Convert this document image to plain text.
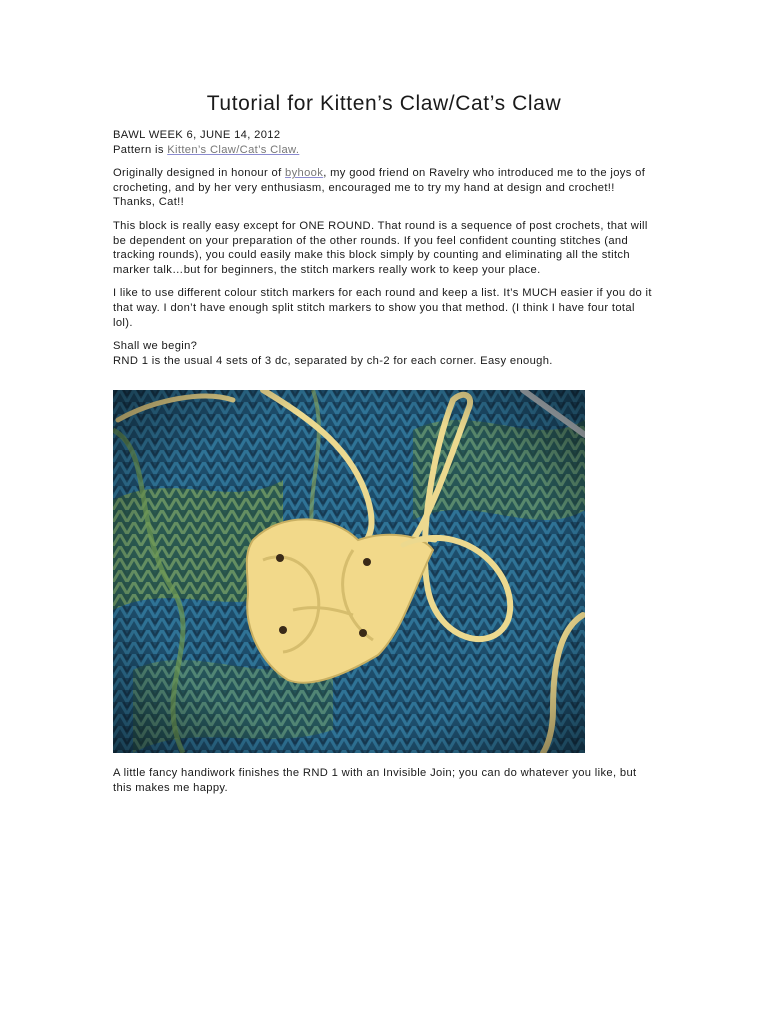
Tutorial for Kitten’s Claw/Cat’s Claw

BAWL WEEK 6, JUNE 14, 2012
Pattern is Kitten’s Claw/Cat’s Claw.

Originally designed in honour of byhook, my good friend on Ravelry who introduced me to the joys of crocheting, and by her very enthusiasm, encouraged me to try my hand at design and crochet!! Thanks, Cat!!

This block is really easy except for ONE ROUND. That round is a sequence of post crochets, that will be dependent on your preparation of the other rounds. If you feel confident counting stitches (and tracking rounds), you could easily make this block simply by counting and eliminating all the stitch marker talk…but for beginners, the stitch markers really work to keep your place.

I like to use different colour stitch markers for each round and keep a list. It’s MUCH easier if you do it that way. I don’t have enough split stitch markers to show you that method. (I think I have four total lol).

Shall we begin?
RND 1 is the usual 4 sets of 3 dc, separated by ch-2 for each corner. Easy enough.

A little fancy handiwork finishes the RND 1 with an Invisible Join; you can do whatever you like, but this makes me happy.
